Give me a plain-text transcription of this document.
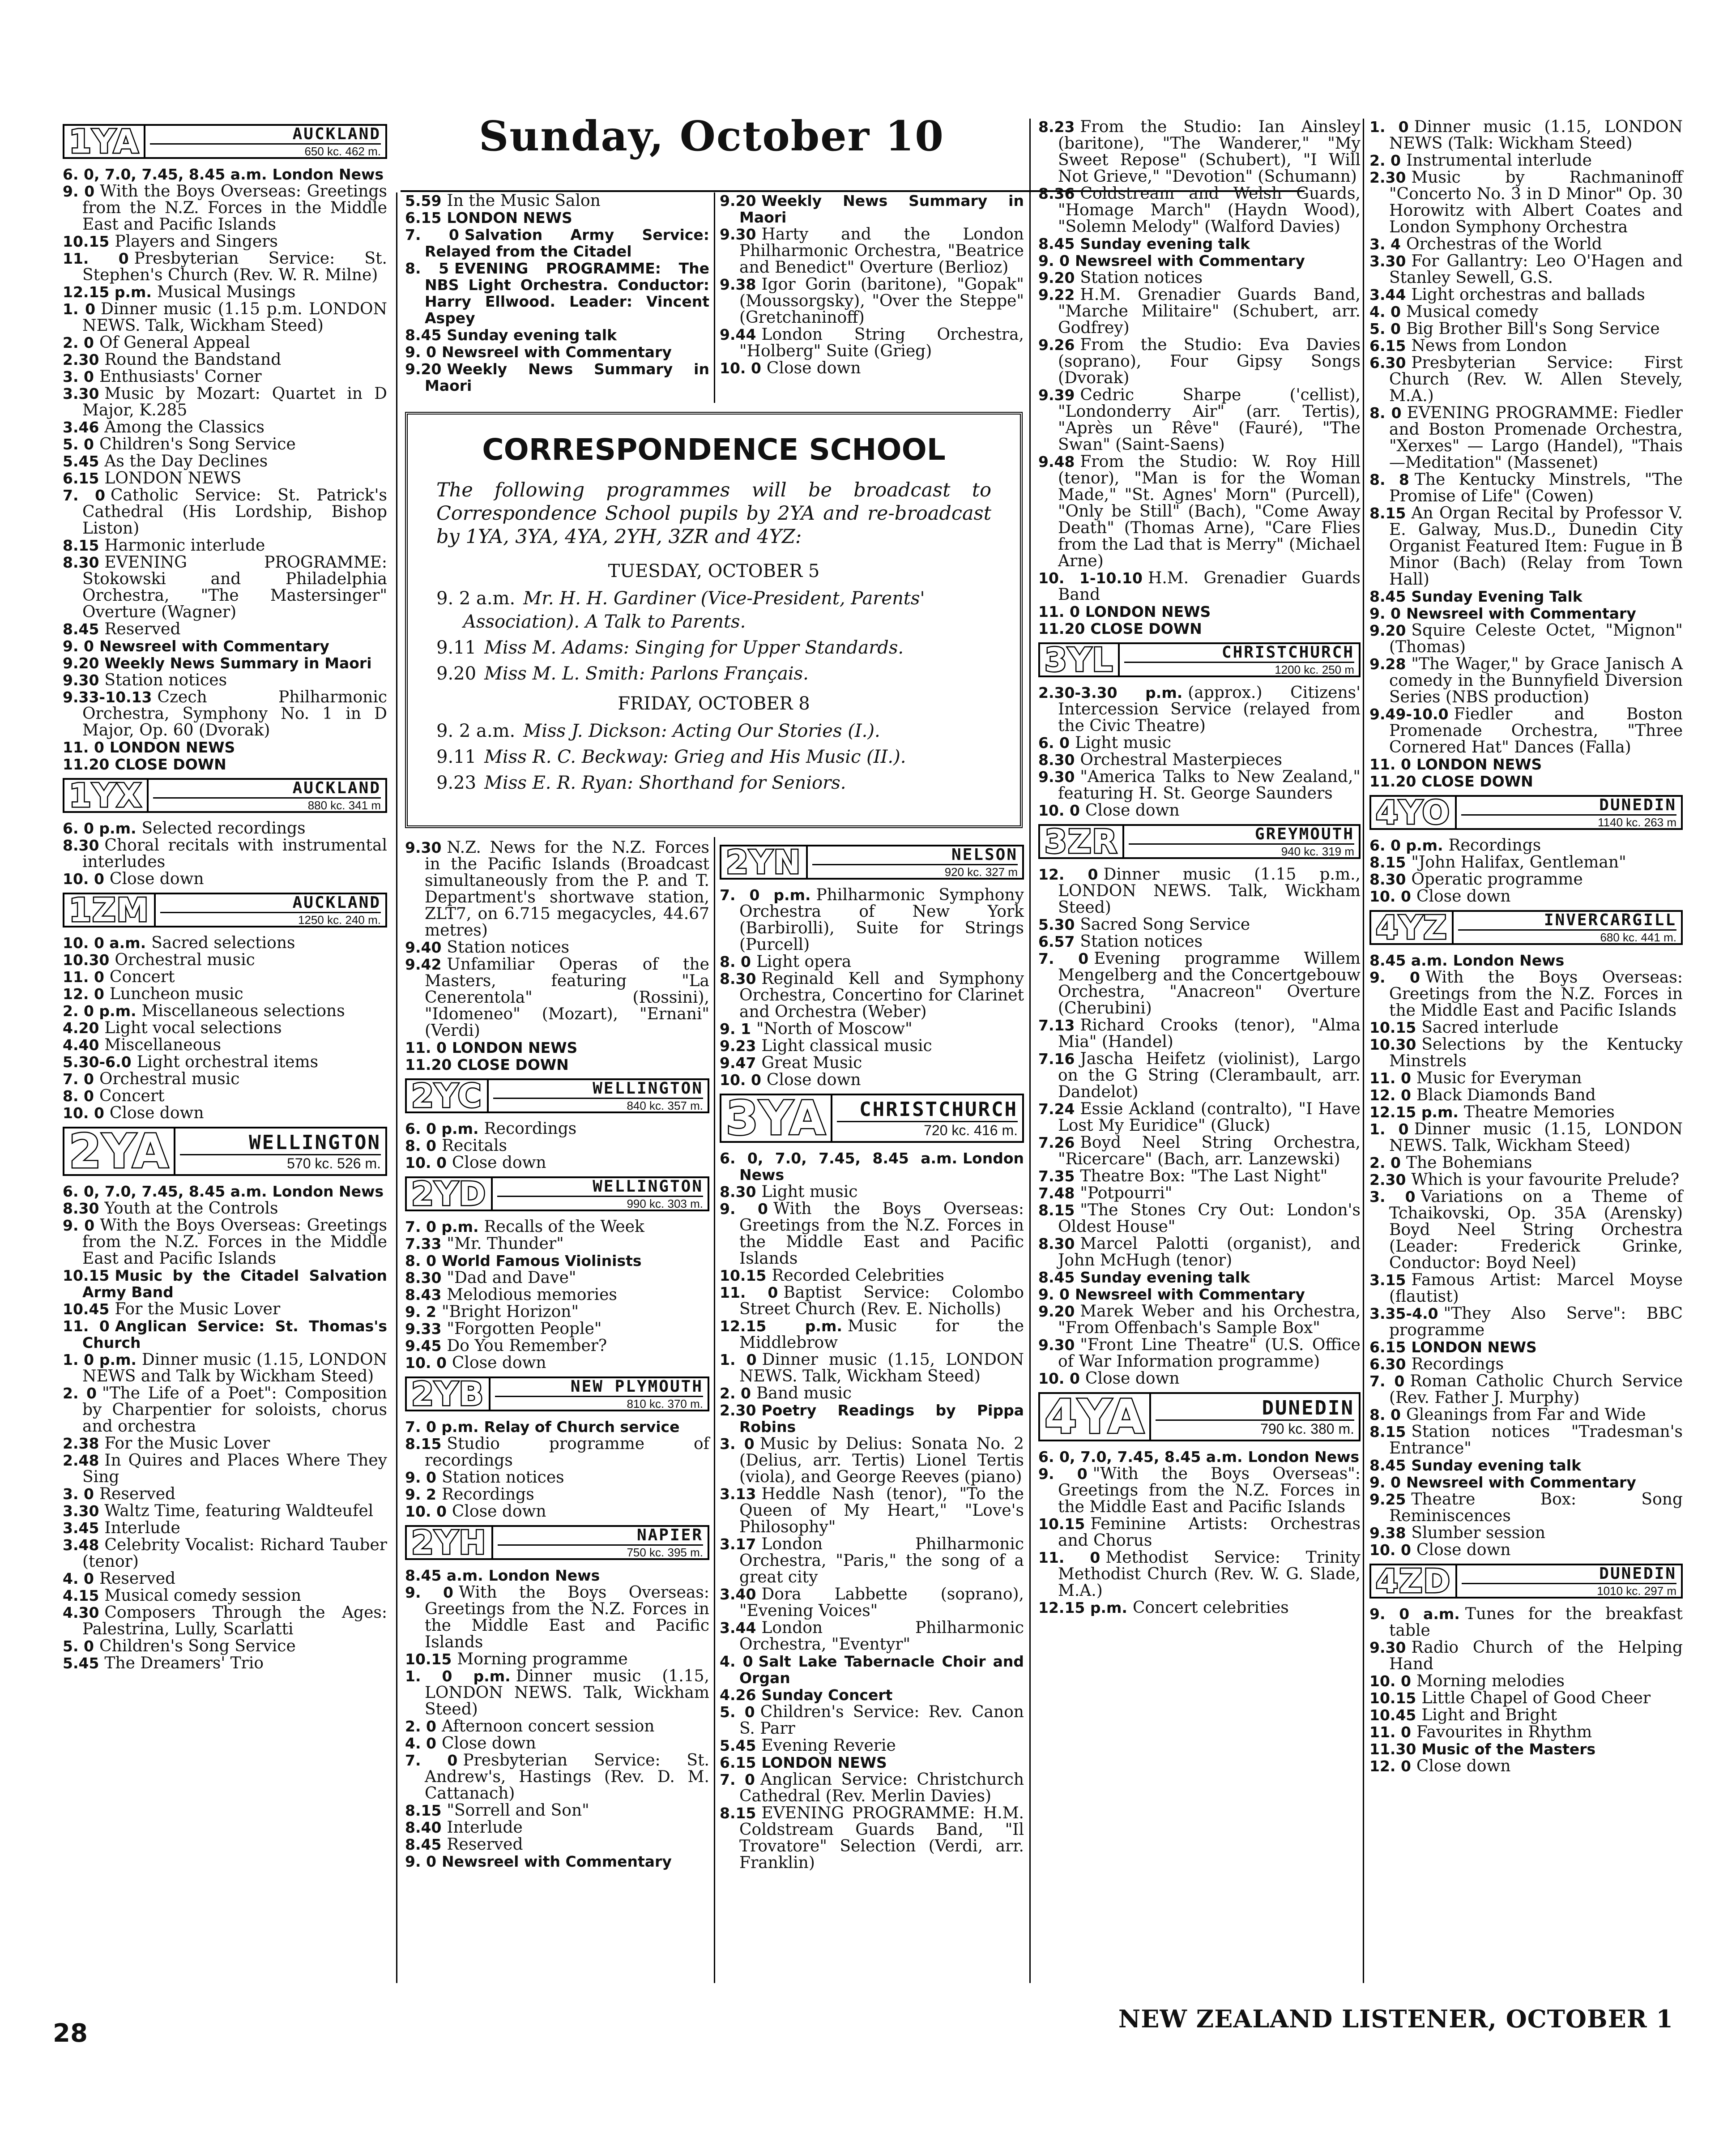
Sunday, October 10
1YA	AUCKLAND
650 kc. 462 m.
6. 0, 7.0, 7.45, 8.45 a.m. London News
9. 0 With the Boys Overseas: Greetings from the N.Z. Forces in the Middle East and Pacific Islands
10.15 Players and Singers
11. 0 Presbyterian Service: St. Stephen's Church (Rev. W. R. Milne)
12.15 p.m. Musical Musings
1. 0 Dinner music (1.15 p.m. LONDON NEWS. Talk, Wickham Steed)
2. 0 Of General Appeal
2.30 Round the Bandstand
3. 0 Enthusiasts' Corner
3.30 Music by Mozart: Quartet in D Major, K.285
3.46 Among the Classics
5. 0 Children's Song Service
5.45 As the Day Declines
6.15 LONDON NEWS
7. 0 Catholic Service: St. Patrick's Cathedral (His Lordship, Bishop Liston)
8.15 Harmonic interlude
8.30 EVENING PROGRAMME: Stokowski and Philadelphia Orchestra, "The Mastersinger" Overture (Wagner)
8.45 Reserved
9. 0 Newsreel with Commentary
9.20 Weekly News Summary in Maori
9.30 Station notices
9.33-10.13 Czech Philharmonic Orchestra, Symphony No. 1 in D Major, Op. 60 (Dvorak)
11. 0 LONDON NEWS
11.20 CLOSE DOWN
1YX	AUCKLAND
880 kc. 341 m
6. 0 p.m. Selected recordings
8.30 Choral recitals with instrumental interludes
10. 0 Close down
1ZM	AUCKLAND
1250 kc. 240 m.
10. 0 a.m. Sacred selections
10.30 Orchestral music
11. 0 Concert
12. 0 Luncheon music
2. 0 p.m. Miscellaneous selections
4.20 Light vocal selections
4.40 Miscellaneous
5.30-6.0 Light orchestral items
7. 0 Orchestral music
8. 0 Concert
10. 0 Close down
2YA	WELLINGTON
570 kc. 526 m.
6. 0, 7.0, 7.45, 8.45 a.m. London News
8.30 Youth at the Controls
9. 0 With the Boys Overseas: Greetings from the N.Z. Forces in the Middle East and Pacific Islands
10.15 Music by the Citadel Salvation Army Band
10.45 For the Music Lover
11. 0 Anglican Service: St. Thomas's Church
1. 0 p.m. Dinner music (1.15, LONDON NEWS and Talk by Wickham Steed)
2. 0 "The Life of a Poet": Composition by Charpentier for soloists, chorus and orchestra
2.38 For the Music Lover
2.48 In Quires and Places Where They Sing
3. 0 Reserved
3.30 Waltz Time, featuring Waldteufel
3.45 Interlude
3.48 Celebrity Vocalist: Richard Tauber (tenor)
4. 0 Reserved
4.15 Musical comedy session
4.30 Composers Through the Ages: Palestrina, Lully, Scarlatti
5. 0 Children's Song Service
5.45 The Dreamers' Trio
5.59 In the Music Salon
6.15 LONDON NEWS
7. 0 Salvation Army Service: Relayed from the Citadel
8. 5 EVENING PROGRAMME: The NBS Light Orchestra. Conductor: Harry Ellwood. Leader: Vincent Aspey
8.45 Sunday evening talk
9. 0 Newsreel with Commentary
9.20 Weekly News Summary in Maori
9.20 Weekly News Summary in Maori
9.30 Harty and the London Philharmonic Orchestra, "Beatrice and Benedict" Overture (Berlioz)
9.38 Igor Gorin (baritone), "Gopak" (Moussorgsky), "Over the Steppe" (Gretchaninoff)
9.44 London String Orchestra, "Holberg" Suite (Grieg)
10. 0 Close down
CORRESPONDENCE SCHOOL
The following programmes will be broadcast to Correspondence School pupils by 2YA and re-broadcast by 1YA, 3YA, 4YA, 2YH, 3ZR and 4YZ:
TUESDAY, OCTOBER 5
9. 2 a.m. Mr. H. H. Gardiner (Vice-President, Parents' Association). A Talk to Parents.
9.11 Miss M. Adams: Singing for Upper Standards.
9.20 Miss M. L. Smith: Parlons Français.
FRIDAY, OCTOBER 8
9. 2 a.m. Miss J. Dickson: Acting Our Stories (I.).
9.11 Miss R. C. Beckway: Grieg and His Music (II.).
9.23 Miss E. R. Ryan: Shorthand for Seniors.
9.30 N.Z. News for the N.Z. Forces in the Pacific Islands (Broadcast simultaneously from the P. and T. Department's shortwave station, ZLT7, on 6.715 megacycles, 44.67 metres)
9.40 Station notices
9.42 Unfamiliar Operas of the Masters, featuring "La Cenerentola" (Rossini), "Idomeneo" (Mozart), "Ernani" (Verdi)
11. 0 LONDON NEWS
11.20 CLOSE DOWN
2YC	WELLINGTON
840 kc. 357 m.
6. 0 p.m. Recordings
8. 0 Recitals
10. 0 Close down
2YD	WELLINGTON
990 kc. 303 m.
7. 0 p.m. Recalls of the Week
7.33 "Mr. Thunder"
8. 0 World Famous Violinists
8.30 "Dad and Dave"
8.43 Melodious memories
9. 2 "Bright Horizon"
9.33 "Forgotten People"
9.45 Do You Remember?
10. 0 Close down
2YB	NEW PLYMOUTH
810 kc. 370 m.
7. 0 p.m. Relay of Church service
8.15 Studio programme of recordings
9. 0 Station notices
9. 2 Recordings
10. 0 Close down
2YH	NAPIER
750 kc. 395 m.
8.45 a.m. London News
9. 0 With the Boys Overseas: Greetings from the N.Z. Forces in the Middle East and Pacific Islands
10.15 Morning programme
1. 0 p.m. Dinner music (1.15, LONDON NEWS. Talk, Wickham Steed)
2. 0 Afternoon concert session
4. 0 Close down
7. 0 Presbyterian Service: St. Andrew's, Hastings (Rev. D. M. Cattanach)
8.15 "Sorrell and Son"
8.40 Interlude
8.45 Reserved
9. 0 Newsreel with Commentary
2YN	NELSON
920 kc. 327 m
7. 0 p.m. Philharmonic Symphony Orchestra of New York (Barbirolli), Suite for Strings (Purcell)
8. 0 Light opera
8.30 Reginald Kell and Symphony Orchestra, Concertino for Clarinet and Orchestra (Weber)
9. 1 "North of Moscow"
9.23 Light classical music
9.47 Great Music
10. 0 Close down
3YA	CHRISTCHURCH
720 kc. 416 m.
6. 0, 7.0, 7.45, 8.45 a.m. London News
8.30 Light music
9. 0 With the Boys Overseas: Greetings from the N.Z. Forces in the Middle East and Pacific Islands
10.15 Recorded Celebrities
11. 0 Baptist Service: Colombo Street Church (Rev. E. Nicholls)
12.15 p.m. Music for the Middlebrow
1. 0 Dinner music (1.15, LONDON NEWS. Talk, Wickham Steed)
2. 0 Band music
2.30 Poetry Readings by Pippa Robins
3. 0 Music by Delius: Sonata No. 2 (Delius, arr. Tertis) Lionel Tertis (viola), and George Reeves (piano)
3.13 Heddle Nash (tenor), "To the Queen of My Heart," "Love's Philosophy"
3.17 London Philharmonic Orchestra, "Paris," the song of a great city
3.40 Dora Labbette (soprano), "Evening Voices"
3.44 London Philharmonic Orchestra, "Eventyr"
4. 0 Salt Lake Tabernacle Choir and Organ
4.26 Sunday Concert
5. 0 Children's Service: Rev. Canon S. Parr
5.45 Evening Reverie
6.15 LONDON NEWS
7. 0 Anglican Service: Christchurch Cathedral (Rev. Merlin Davies)
8.15 EVENING PROGRAMME: H.M. Coldstream Guards Band, "Il Trovatore" Selection (Verdi, arr. Franklin)
8.23 From the Studio: Ian Ainsley (baritone), "The Wanderer," "My Sweet Repose" (Schubert), "I Will Not Grieve," "Devotion" (Schumann)
8.36 Coldstream and Welsh Guards, "Homage March" (Haydn Wood), "Solemn Melody" (Walford Davies)
8.45 Sunday evening talk
9. 0 Newsreel with Commentary
9.20 Station notices
9.22 H.M. Grenadier Guards Band, "Marche Militaire" (Schubert, arr. Godfrey)
9.26 From the Studio: Eva Davies (soprano), Four Gipsy Songs (Dvorak)
9.39 Cedric Sharpe ('cellist), "Londonderry Air" (arr. Tertis), "Après un Rêve" (Fauré), "The Swan" (Saint-Saens)
9.48 From the Studio: W. Roy Hill (tenor), "Man is for the Woman Made," "St. Agnes' Morn" (Purcell), "Only be Still" (Bach), "Come Away Death" (Thomas Arne), "Care Flies from the Lad that is Merry" (Michael Arne)
10. 1-10.10 H.M. Grenadier Guards Band
11. 0 LONDON NEWS
11.20 CLOSE DOWN
3YL	CHRISTCHURCH
1200 kc. 250 m
2.30-3.30 p.m. (approx.) Citizens' Intercession Service (relayed from the Civic Theatre)
6. 0 Light music
8.30 Orchestral Masterpieces
9.30 "America Talks to New Zealand," featuring H. St. George Saunders
10. 0 Close down
3ZR	GREYMOUTH
940 kc. 319 m
12. 0 Dinner music (1.15 p.m., LONDON NEWS. Talk, Wickham Steed)
5.30 Sacred Song Service
6.57 Station notices
7. 0 Evening programme Willem Mengelberg and the Concertgebouw Orchestra, "Anacreon" Overture (Cherubini)
7.13 Richard Crooks (tenor), "Alma Mia" (Handel)
7.16 Jascha Heifetz (violinist), Largo on the G String (Clerambault, arr. Dandelot)
7.24 Essie Ackland (contralto), "I Have Lost My Euridice" (Gluck)
7.26 Boyd Neel String Orchestra, "Ricercare" (Bach, arr. Lanzewski)
7.35 Theatre Box: "The Last Night"
7.48 "Potpourri"
8.15 "The Stones Cry Out: London's Oldest House"
8.30 Marcel Palotti (organist), and John McHugh (tenor)
8.45 Sunday evening talk
9. 0 Newsreel with Commentary
9.20 Marek Weber and his Orchestra, "From Offenbach's Sample Box"
9.30 "Front Line Theatre" (U.S. Office of War Information programme)
10. 0 Close down
4YA	DUNEDIN
790 kc. 380 m.
6. 0, 7.0, 7.45, 8.45 a.m. London News
9. 0 "With the Boys Overseas": Greetings from the N.Z. Forces in the Middle East and Pacific Islands
10.15 Feminine Artists: Orchestras and Chorus
11. 0 Methodist Service: Trinity Methodist Church (Rev. W. G. Slade, M.A.)
12.15 p.m. Concert celebrities
1. 0 Dinner music (1.15, LONDON NEWS (Talk: Wickham Steed)
2. 0 Instrumental interlude
2.30 Music by Rachmaninoff "Concerto No. 3 in D Minor" Op. 30 Horowitz with Albert Coates and London Symphony Orchestra
3. 4 Orchestras of the World
3.30 For Gallantry: Leo O'Hagen and Stanley Sewell, G.S.
3.44 Light orchestras and ballads
4. 0 Musical comedy
5. 0 Big Brother Bill's Song Service
6.15 News from London
6.30 Presbyterian Service: First Church (Rev. W. Allen Stevely, M.A.)
8. 0 EVENING PROGRAMME: Fiedler and Boston Promenade Orchestra, "Xerxes" — Largo (Handel), "Thais—Meditation" (Massenet)
8. 8 The Kentucky Minstrels, "The Promise of Life" (Cowen)
8.15 An Organ Recital by Professor V. E. Galway, Mus.D., Dunedin City Organist Featured Item: Fugue in B Minor (Bach) (Relay from Town Hall)
8.45 Sunday Evening Talk
9. 0 Newsreel with Commentary
9.20 Squire Celeste Octet, "Mignon" (Thomas)
9.28 "The Wager," by Grace Janisch A comedy in the Bunnyfield Diversion Series (NBS production)
9.49-10.0 Fiedler and Boston Promenade Orchestra, "Three Cornered Hat" Dances (Falla)
11. 0 LONDON NEWS
11.20 CLOSE DOWN
4YO	DUNEDIN
1140 kc. 263 m
6. 0 p.m. Recordings
8.15 "John Halifax, Gentleman"
8.30 Operatic programme
10. 0 Close down
4YZ	INVERCARGILL
680 kc. 441 m.
8.45 a.m. London News
9. 0 With the Boys Overseas: Greetings from the N.Z. Forces in the Middle East and Pacific Islands
10.15 Sacred interlude
10.30 Selections by the Kentucky Minstrels
11. 0 Music for Everyman
12. 0 Black Diamonds Band
12.15 p.m. Theatre Memories
1. 0 Dinner music (1.15, LONDON NEWS. Talk, Wickham Steed)
2. 0 The Bohemians
2.30 Which is your favourite Prelude?
3. 0 Variations on a Theme of Tchaikovski, Op. 35A (Arensky) Boyd Neel String Orchestra (Leader: Frederick Grinke, Conductor: Boyd Neel)
3.15 Famous Artist: Marcel Moyse (flautist)
3.35-4.0 "They Also Serve": BBC programme
6.15 LONDON NEWS
6.30 Recordings
7. 0 Roman Catholic Church Service (Rev. Father J. Murphy)
8. 0 Gleanings from Far and Wide
8.15 Station notices "Tradesman's Entrance"
8.45 Sunday evening talk
9. 0 Newsreel with Commentary
9.25 Theatre Box: Song Reminiscences
9.38 Slumber session
10. 0 Close down
4ZD	DUNEDIN
1010 kc. 297 m
9. 0 a.m. Tunes for the breakfast table
9.30 Radio Church of the Helping Hand
10. 0 Morning melodies
10.15 Little Chapel of Good Cheer
10.45 Light and Bright
11. 0 Favourites in Rhythm
11.30 Music of the Masters
12. 0 Close down
28	NEW ZEALAND LISTENER, OCTOBER 1
